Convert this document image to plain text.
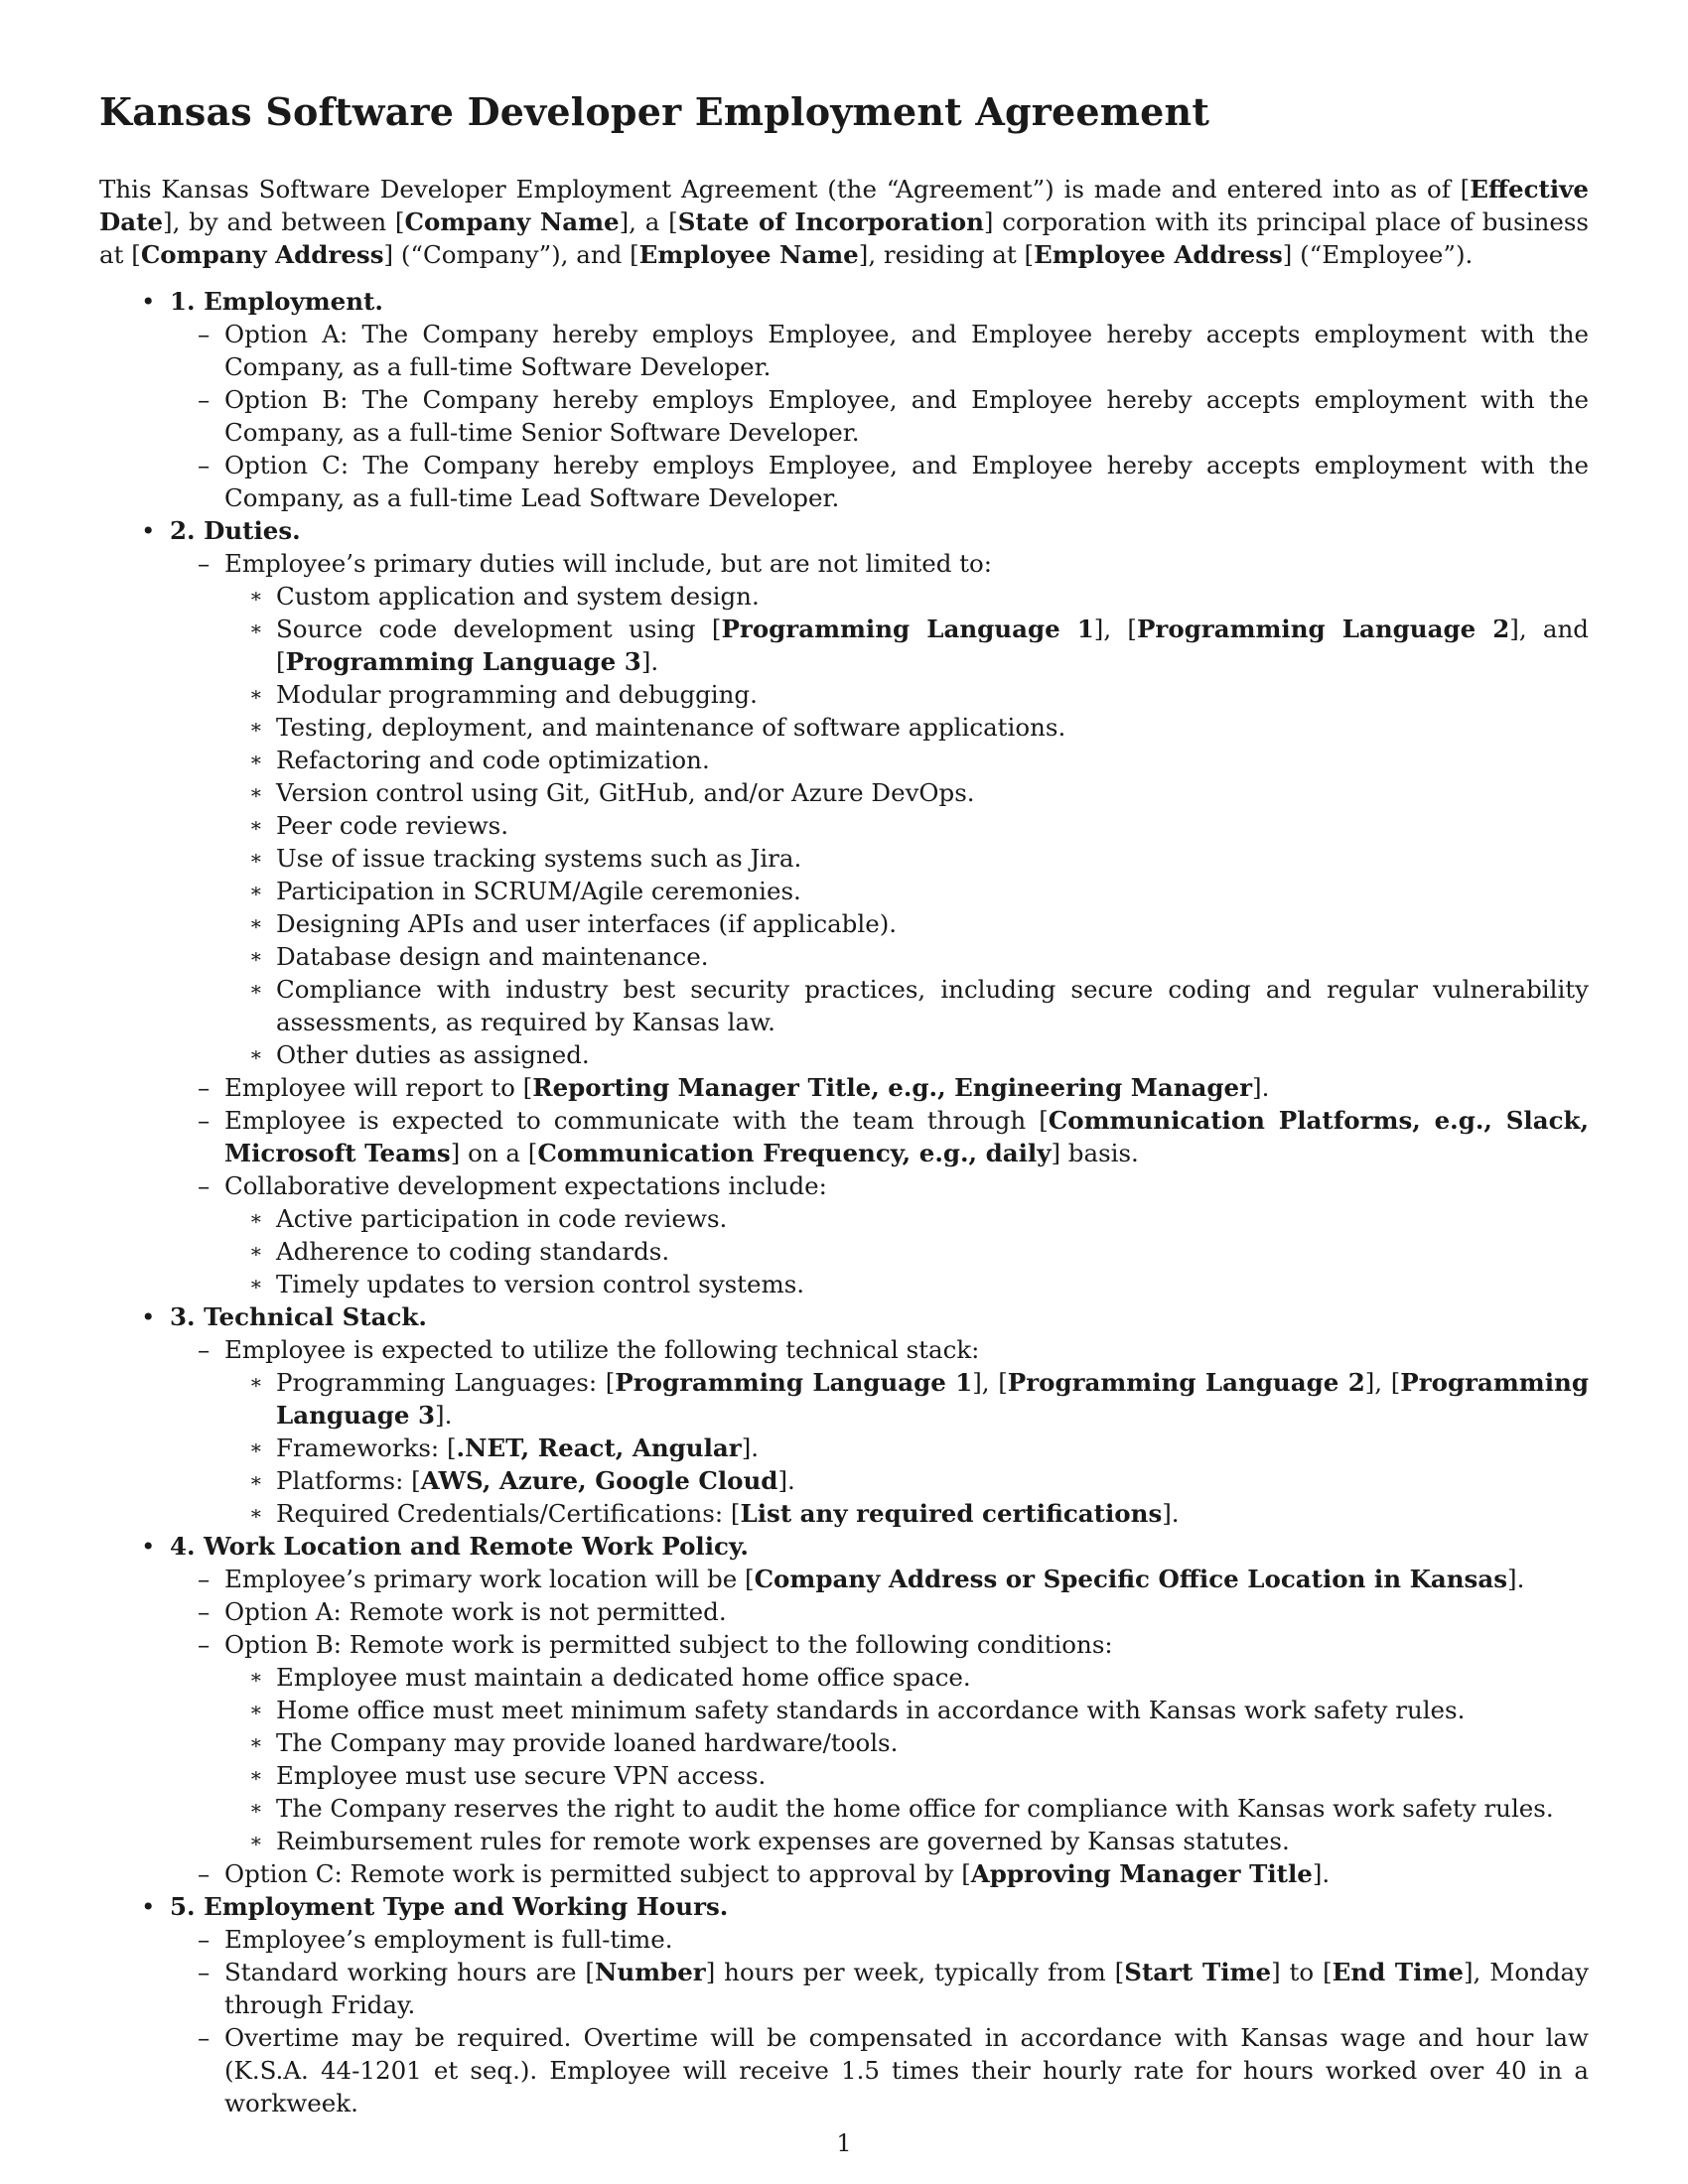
Kansas Software Developer Employment Agreement

This Kansas Software Developer Employment Agreement (the “Agreement”) is made and entered into as of [Effective Date], by and between [Company Name], a [State of Incorporation] corporation with its principal place of business at [Company Address] (“Company”), and [Employee Name], residing at [Employee Address] (“Employee”).

• 1. Employment.
– Option A: The Company hereby employs Employee, and Employee hereby accepts employment with the Company, as a full-time Software Developer.
– Option B: The Company hereby employs Employee, and Employee hereby accepts employment with the Company, as a full-time Senior Software Developer.
– Option C: The Company hereby employs Employee, and Employee hereby accepts employment with the Company, as a full-time Lead Software Developer.
• 2. Duties.
– Employee’s primary duties will include, but are not limited to:
∗ Custom application and system design.
∗ Source code development using [Programming Language 1], [Programming Language 2], and [Programming Language 3].
∗ Modular programming and debugging.
∗ Testing, deployment, and maintenance of software applications.
∗ Refactoring and code optimization.
∗ Version control using Git, GitHub, and/or Azure DevOps.
∗ Peer code reviews.
∗ Use of issue tracking systems such as Jira.
∗ Participation in SCRUM/Agile ceremonies.
∗ Designing APIs and user interfaces (if applicable).
∗ Database design and maintenance.
∗ Compliance with industry best security practices, including secure coding and regular vulnerability assessments, as required by Kansas law.
∗ Other duties as assigned.
– Employee will report to [Reporting Manager Title, e.g., Engineering Manager].
– Employee is expected to communicate with the team through [Communication Platforms, e.g., Slack, Microsoft Teams] on a [Communication Frequency, e.g., daily] basis.
– Collaborative development expectations include:
∗ Active participation in code reviews.
∗ Adherence to coding standards.
∗ Timely updates to version control systems.
• 3. Technical Stack.
– Employee is expected to utilize the following technical stack:
∗ Programming Languages: [Programming Language 1], [Programming Language 2], [Programming Language 3].
∗ Frameworks: [.NET, React, Angular].
∗ Platforms: [AWS, Azure, Google Cloud].
∗ Required Credentials/Certifications: [List any required certifications].
• 4. Work Location and Remote Work Policy.
– Employee’s primary work location will be [Company Address or Specific Office Location in Kansas].
– Option A: Remote work is not permitted.
– Option B: Remote work is permitted subject to the following conditions:
∗ Employee must maintain a dedicated home office space.
∗ Home office must meet minimum safety standards in accordance with Kansas work safety rules.
∗ The Company may provide loaned hardware/tools.
∗ Employee must use secure VPN access.
∗ The Company reserves the right to audit the home office for compliance with Kansas work safety rules.
∗ Reimbursement rules for remote work expenses are governed by Kansas statutes.
– Option C: Remote work is permitted subject to approval by [Approving Manager Title].
• 5. Employment Type and Working Hours.
– Employee’s employment is full-time.
– Standard working hours are [Number] hours per week, typically from [Start Time] to [End Time], Monday through Friday.
– Overtime may be required. Overtime will be compensated in accordance with Kansas wage and hour law (K.S.A. 44-1201 et seq.). Employee will receive 1.5 times their hourly rate for hours worked over 40 in a workweek.
1
